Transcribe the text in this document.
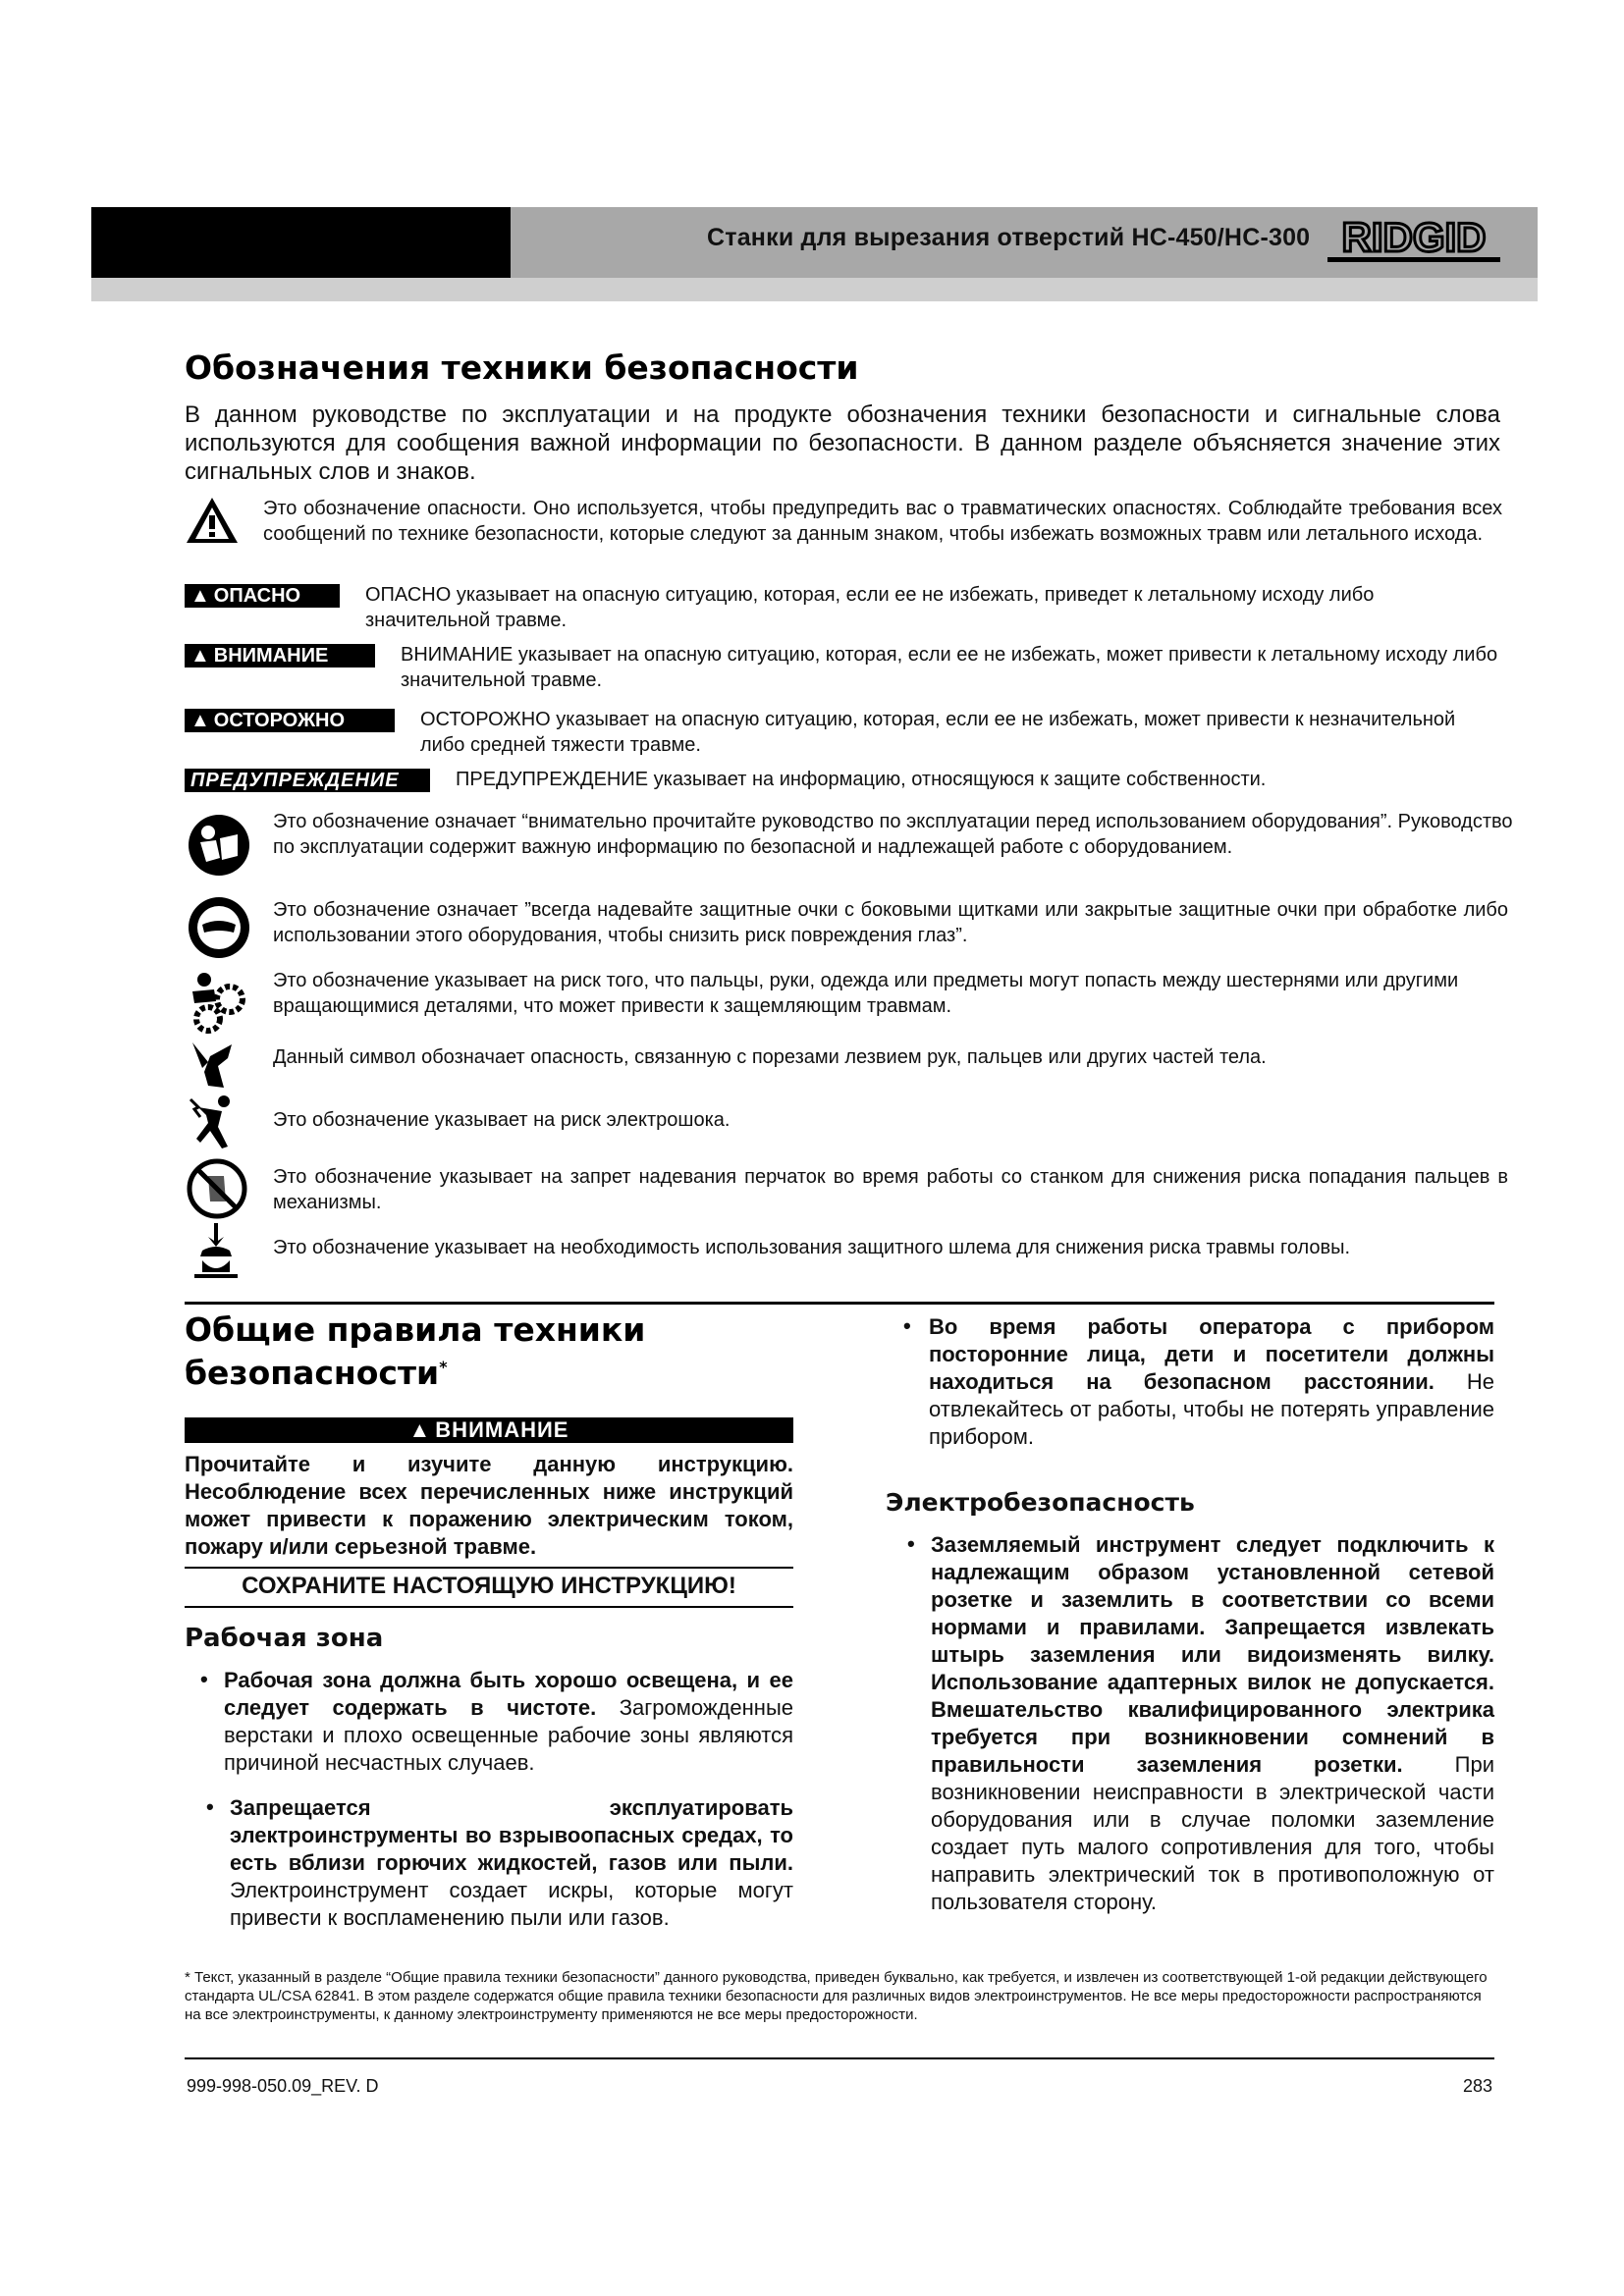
Станки для вырезания отверстий HC-450/HC-300 RIDGID
Обозначения техники безопасности
В данном руководстве по эксплуатации и на продукте обозначения техники безопасности и сигнальные слова используются для сообщения важной информации по безопасности. В данном разделе объясняется значение этих сигнальных слов и знаков.
Это обозначение опасности. Оно используется, чтобы предупредить вас о травматических опасностях. Соблюдайте требования всех сообщений по технике безопасности, которые следуют за данным знаком, чтобы избежать возможных травм или летального исхода.
▲ ОПАСНО	ОПАСНО указывает на опасную ситуацию, которая, если ее не избежать, приведет к летальному исходу либо значительной травме.
▲ ВНИМАНИЕ	ВНИМАНИЕ указывает на опасную ситуацию, которая, если ее не избежать, может привести к летальному исходу либо значительной травме.
▲ ОСТОРОЖНО	ОСТОРОЖНО указывает на опасную ситуацию, которая, если ее не избежать, может привести к незначительной либо средней тяжести травме.
ПРЕДУПРЕЖДЕНИЕ	ПРЕДУПРЕЖДЕНИЕ указывает на информацию, относящуюся к защите собственности.
Это обозначение означает “внимательно прочитайте руководство по эксплуатации перед использованием оборудования”. Руководство по эксплуатации содержит важную информацию по безопасной и надлежащей работе с оборудованием.
Это обозначение означает ”всегда надевайте защитные очки с боковыми щитками или закрытые защитные очки при обработке либо использовании этого оборудования, чтобы снизить риск повреждения глаз”.
Это обозначение указывает на риск того, что пальцы, руки, одежда или предметы могут попасть между шестернями или другими вращающимися деталями, что может привести к защемляющим травмам.
Данный символ обозначает опасность, связанную с порезами лезвием рук, пальцев или других частей тела.
Это обозначение указывает на риск электрошока.
Это обозначение указывает на запрет надевания перчаток во время работы со станком для снижения риска попадания пальцев в механизмы.
Это обозначение указывает на необходимость использования защитного шлема для снижения риска травмы головы.
Общие правила техники
безопасности*
▲ ВНИМАНИЕ
Прочитайте и изучите данную инструкцию. Несоблюдение всех перечисленных ниже инструкций может привести к поражению электрическим током, пожару и/или серьезной травме.
СОХРАНИТЕ НАСТОЯЩУЮ ИНСТРУКЦИЮ!
Рабочая зона
• Рабочая зона должна быть хорошо освещена, и ее следует содержать в чистоте. Загроможденные верстаки и плохо освещенные рабочие зоны являются причиной несчастных случаев.
• Запрещается эксплуатировать электроинструменты во взрывоопасных средах, то есть вблизи горючих жидкостей, газов или пыли. Электроинструмент создает искры, которые могут привести к воспламенению пыли или газов.
• Во время работы оператора с прибором посторонние лица, дети и посетители должны находиться на безопасном расстоянии. Не отвлекайтесь от работы, чтобы не потерять управление прибором.
Электробезопасность
• Заземляемый инструмент следует подключить к надлежащим образом установленной сетевой розетке и заземлить в соответствии со всеми нормами и правилами. Запрещается извлекать штырь заземления или видоизменять вилку. Использование адаптерных вилок не допускается. Вмешательство квалифицированного электрика требуется при возникновении сомнений в правильности заземления розетки. При возникновении неисправности в электрической части оборудования или в случае поломки заземление создает путь малого сопротивления для того, чтобы направить электрический ток в противоположную от пользователя сторону.
* Текст, указанный в разделе “Общие правила техники безопасности” данного руководства, приведен буквально, как требуется, и извлечен из соответствующей 1-ой редакции действующего стандарта UL/CSA 62841. В этом разделе содержатся общие правила техники безопасности для различных видов электроинструментов. Не все меры предосторожности распространяются на все электроинструменты, к данному электроинструменту применяются не все меры предосторожности.
999-998-050.09_REV. D	283
